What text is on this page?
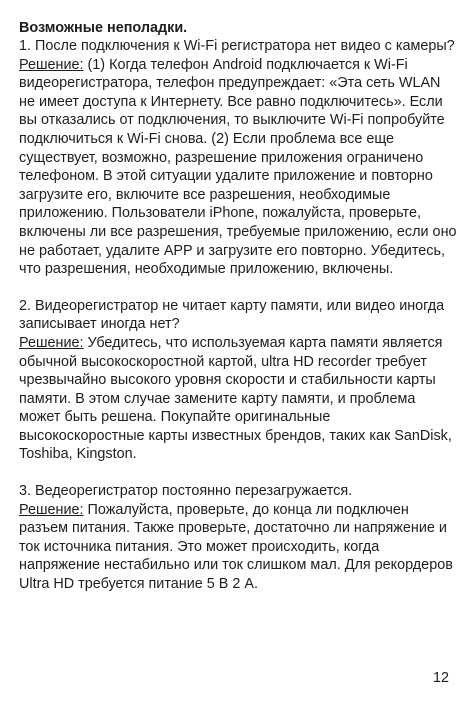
Возможные неполадки.

1. После подключения к Wi-Fi регистратора нет видео с камеры?

Решение: (1) Когда телефон Android подключается к Wi-Fi видеорегистратора, телефон предупреждает: «Эта сеть WLAN не имеет доступа к Интернету. Все равно подключитесь». Если вы отказались от подключения, то выключите Wi-Fi попробуйте подключиться к Wi-Fi снова. (2) Если проблема все еще существует, возможно, разрешение приложения ограничено телефоном. В этой ситуации удалите приложение и повторно загрузите его, включите все разрешения, необходимые приложению. Пользователи iPhone, пожалуйста, проверьте, включены ли все разрешения, требуемые приложению, если оно не работает, удалите APP и загрузите его повторно. Убедитесь, что разрешения, необходимые приложению, включены.

2. Видеорегистратор не читает карту памяти, или видео иногда записывает иногда нет?

Решение: Убедитесь, что используемая карта памяти является обычной высокоскоростной картой, ultra HD recorder требует чрезвычайно высокого уровня скорости и стабильности карты памяти. В этом случае замените карту памяти, и проблема может быть решена. Покупайте оригинальные высокоскоростные карты известных брендов, таких как SanDisk, Toshiba, Kingston.

3. Ведеорегистратор постоянно перезагружается.

Решение: Пожалуйста, проверьте, до конца ли подключен разъем питания. Также проверьте, достаточно ли напряжение и ток источника питания. Это может происходить, когда напряжение нестабильно или ток слишком мал. Для рекордеров Ultra HD требуется питание 5 В 2 А.

12
